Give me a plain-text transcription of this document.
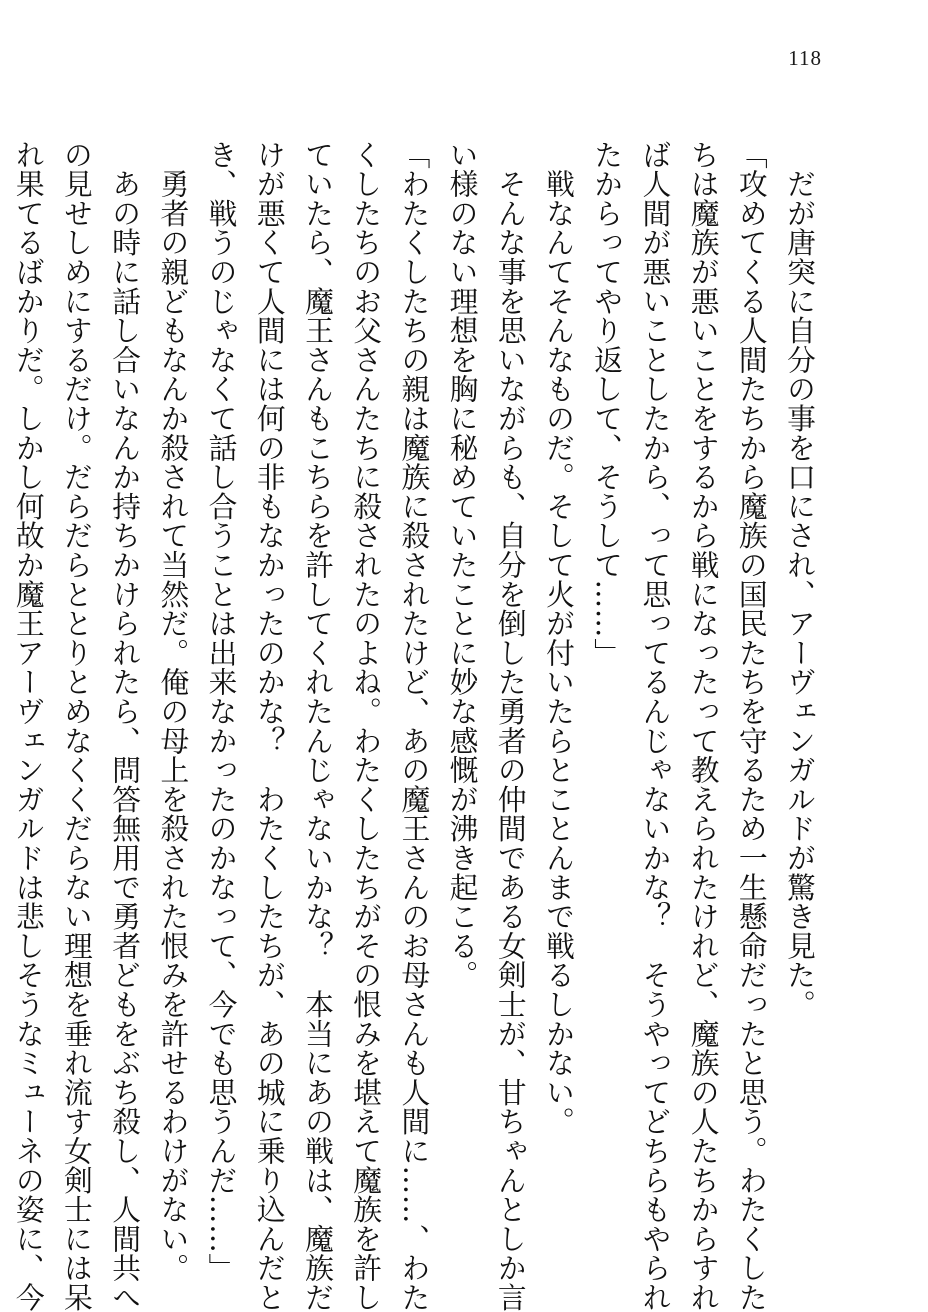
118
　だが唐突に自分の事を口にされ、アーヴェンガルドが驚き見た。
「攻めてくる人間たちから魔族の国民たちを守るため一生懸命だったと思う。わたくした
ちは魔族が悪いことをするから戦になったって教えられたけれど、魔族の人たちからすれ
ば人間が悪いことしたから、って思ってるんじゃないかな？　そうやってどちらもやられ
たからってやり返して、そうして……」
　戦なんてそんなものだ。そして火が付いたらとことんまで戦るしかない。
　そんな事を思いながらも、自分を倒した勇者の仲間である女剣士が、甘ちゃんとしか言
い様のない理想を胸に秘めていたことに妙な感慨が沸き起こる。
「わたくしたちの親は魔族に殺されたけど、あの魔王さんのお母さんも人間に……、わた
くしたちのお父さんたちに殺されたのよね。わたくしたちがその恨みを堪えて魔族を許し
ていたら、魔王さんもこちらを許してくれたんじゃないかな？　本当にあの戦は、魔族だ
けが悪くて人間には何の非もなかったのかな？　わたくしたちが、あの城に乗り込んだと
き、戦うのじゃなくて話し合うことは出来なかったのかなって、今でも思うんだ……」
　勇者の親どもなんか殺されて当然だ。俺の母上を殺された恨みを許せるわけがない。
　あの時に話し合いなんか持ちかけられたら、問答無用で勇者どもをぶち殺し、人間共へ
の見せしめにするだけ。だらだらととりとめなくくだらない理想を垂れ流す女剣士には呆
れ果てるばかりだ。しかし何故か魔王アーヴェンガルドは悲しそうなミューネの姿に、今
